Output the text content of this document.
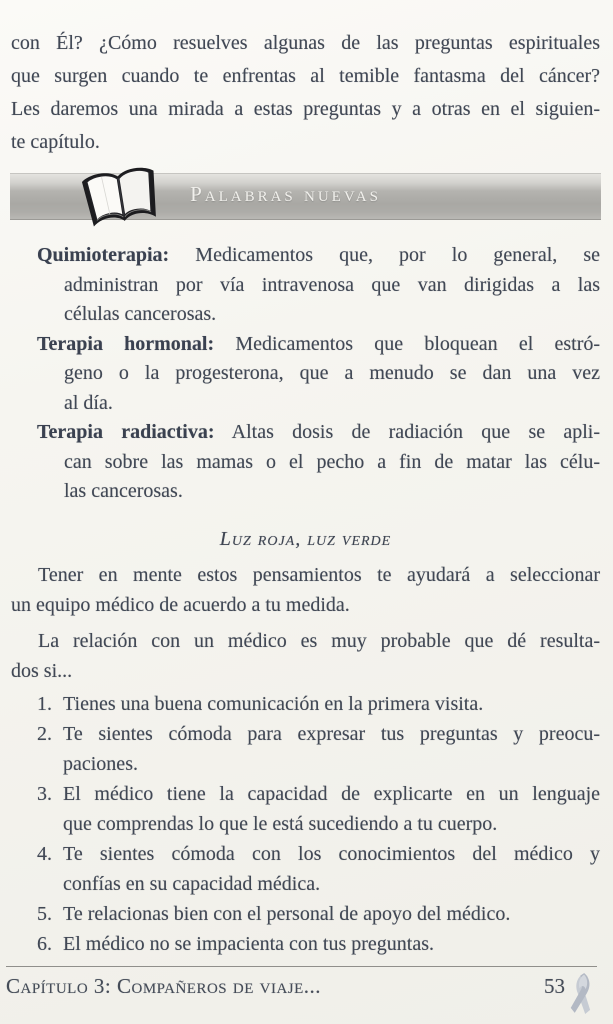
con Él? ¿Cómo resuelves algunas de las preguntas espirituales
que surgen cuando te enfrentas al temible fantasma del cáncer?
Les daremos una mirada a estas preguntas y a otras en el siguien-
te capítulo.
Palabras nuevas
Quimioterapia: Medicamentos que, por lo general, se
administran por vía intravenosa que van dirigidas a las
células cancerosas.
Terapia hormonal: Medicamentos que bloquean el estró-
geno o la progesterona, que a menudo se dan una vez
al día.
Terapia radiactiva: Altas dosis de radiación que se apli-
can sobre las mamas o el pecho a fin de matar las célu-
las cancerosas.
Luz roja, luz verde
Tener en mente estos pensamientos te ayudará a seleccionar
un equipo médico de acuerdo a tu medida.
La relación con un médico es muy probable que dé resulta-
dos si...
1. Tienes una buena comunicación en la primera visita.
2. Te sientes cómoda para expresar tus preguntas y preocu-
paciones.
3. El médico tiene la capacidad de explicarte en un lenguaje
que comprendas lo que le está sucediendo a tu cuerpo.
4. Te sientes cómoda con los conocimientos del médico y
confías en su capacidad médica.
5. Te relacionas bien con el personal de apoyo del médico.
6. El médico no se impacienta con tus preguntas.
Capítulo 3: Compañeros de viaje...	53
